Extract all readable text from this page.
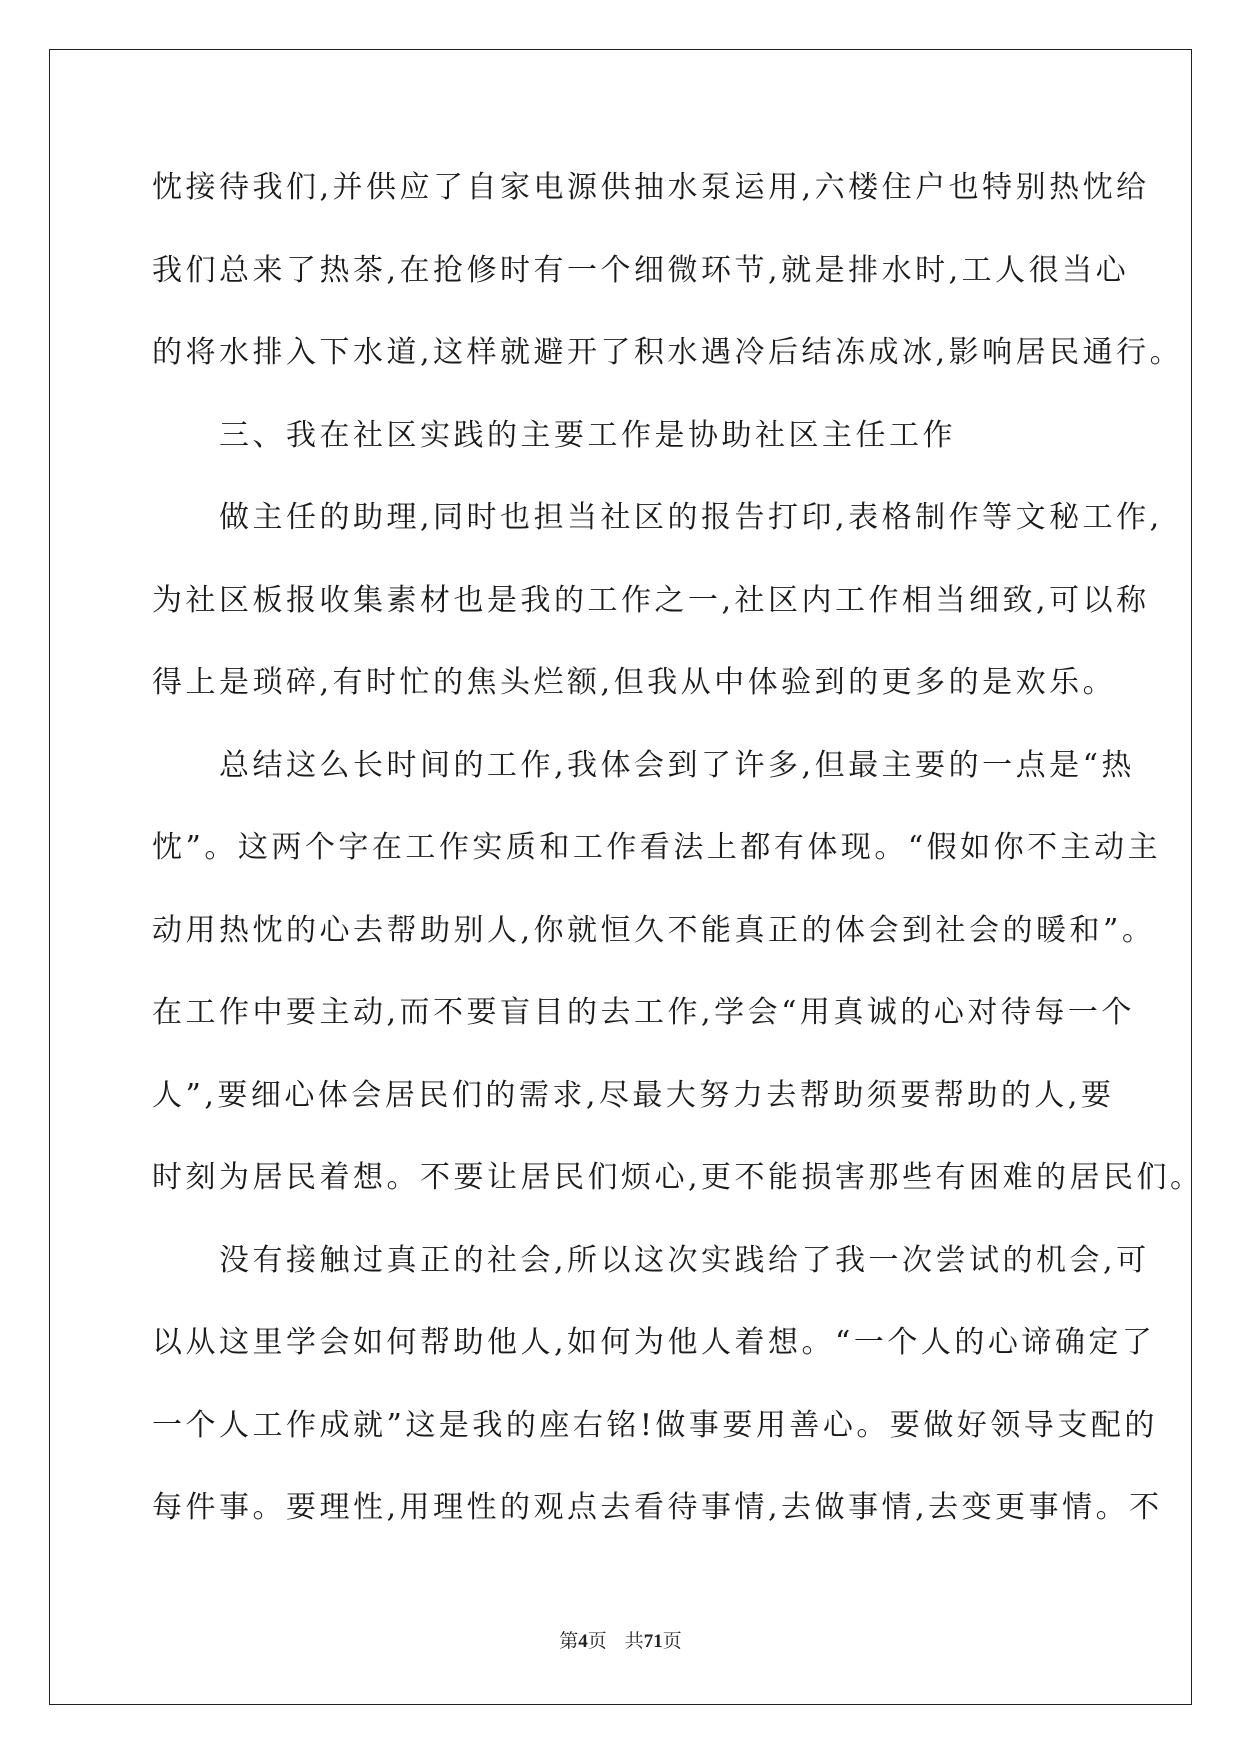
忱接待我们,并供应了自家电源供抽水泵运用,六楼住户也特别热忱给
我们总来了热茶,在抢修时有一个细微环节,就是排水时,工人很当心
的将水排入下水道,这样就避开了积水遇冷后结冻成冰,影响居民通行。
　　三、我在社区实践的主要工作是协助社区主任工作
　　做主任的助理,同时也担当社区的报告打印,表格制作等文秘工作,
为社区板报收集素材也是我的工作之一,社区内工作相当细致,可以称
得上是琐碎,有时忙的焦头烂额,但我从中体验到的更多的是欢乐。
　　总结这么长时间的工作,我体会到了许多,但最主要的一点是“热
忱”。这两个字在工作实质和工作看法上都有体现。“假如你不主动主
动用热忱的心去帮助别人,你就恒久不能真正的体会到社会的暖和”。
在工作中要主动,而不要盲目的去工作,学会“用真诚的心对待每一个
人”,要细心体会居民们的需求,尽最大努力去帮助须要帮助的人,要
时刻为居民着想。不要让居民们烦心,更不能损害那些有困难的居民们。
　　没有接触过真正的社会,所以这次实践给了我一次尝试的机会,可
以从这里学会如何帮助他人,如何为他人着想。“一个人的心谛确定了
一个人工作成就”这是我的座右铭!做事要用善心。要做好领导支配的
每件事。要理性,用理性的观点去看待事情,去做事情,去变更事情。不
第4页 共71页
